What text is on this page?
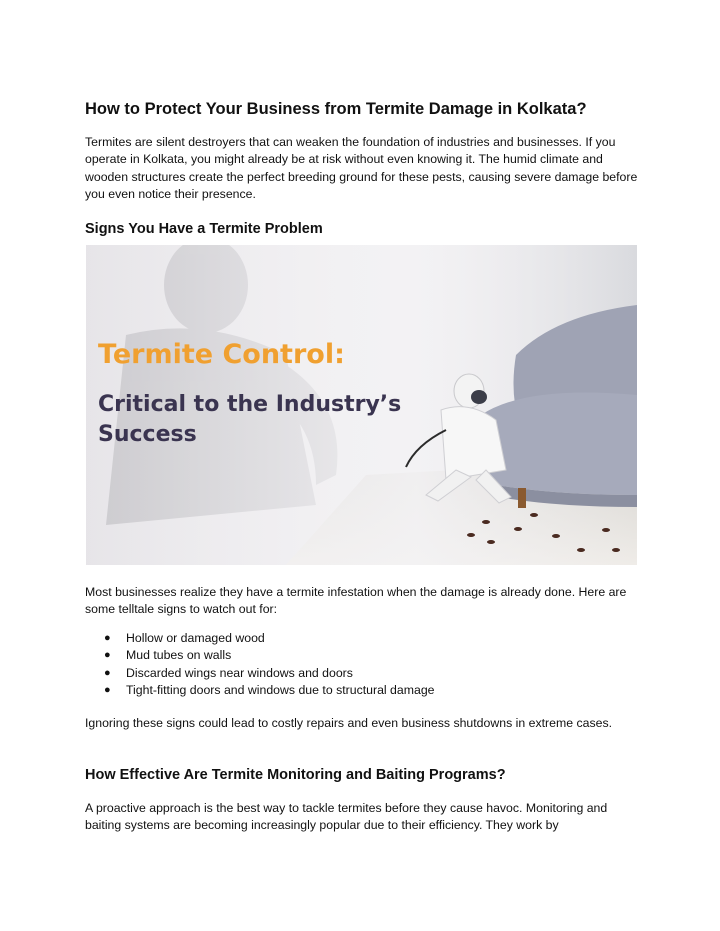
How to Protect Your Business from Termite Damage in Kolkata?

Termites are silent destroyers that can weaken the foundation of industries and businesses. If you operate in Kolkata, you might already be at risk without even knowing it. The humid climate and wooden structures create the perfect breeding ground for these pests, causing severe damage before you even notice their presence.

Signs You Have a Termite Problem
Termite Control:
Critical to the Industry’s
Success

Most businesses realize they have a termite infestation when the damage is already done. Here are some telltale signs to watch out for:

● Hollow or damaged wood
● Mud tubes on walls
● Discarded wings near windows and doors
● Tight-fitting doors and windows due to structural damage

Ignoring these signs could lead to costly repairs and even business shutdowns in extreme cases.

How Effective Are Termite Monitoring and Baiting Programs?

A proactive approach is the best way to tackle termites before they cause havoc. Monitoring and baiting systems are becoming increasingly popular due to their efficiency. They work by
